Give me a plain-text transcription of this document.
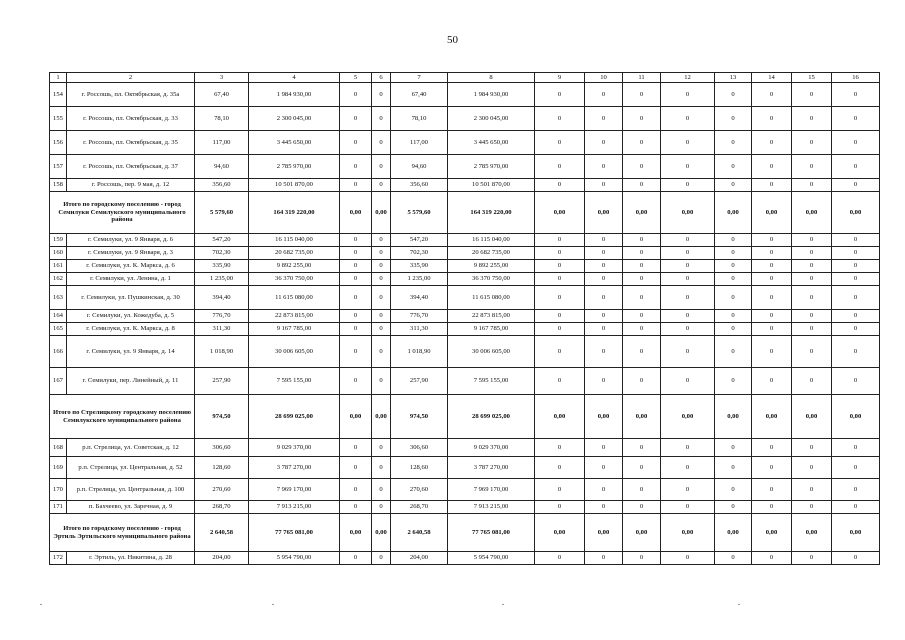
50
1	2	3	4	5	6	7	8	9	10	11	12	13	14	15	16
154	г. Россошь, пл. Октябрьская, д. 35а	67,40	1 984 930,00	0	0	67,40	1 984 930,00	0	0	0	0	0	0	0	0
155	г. Россошь, пл. Октябрьская, д. 33	78,10	2 300 045,00	0	0	78,10	2 300 045,00	0	0	0	0	0	0	0	0
156	г. Россошь, пл. Октябрьская, д. 35	117,00	3 445 650,00	0	0	117,00	3 445 650,00	0	0	0	0	0	0	0	0
157	г. Россошь, пл. Октябрьская, д. 37	94,60	2 785 970,00	0	0	94,60	2 785 970,00	0	0	0	0	0	0	0	0
158	г. Россошь, пер. 9 мая, д. 12	356,60	10 501 870,00	0	0	356,60	10 501 870,00	0	0	0	0	0	0	0	0
Итого по городскому поселению - город Семилуки Семилукского муниципального района		5 579,60	164 319 220,00	0,00	0,00	5 579,60	164 319 220,00	0,00	0,00	0,00	0,00	0,00	0,00	0,00	0,00
159	г. Семилуки, ул. 9 Января, д. 6	547,20	16 115 040,00	0	0	547,20	16 115 040,00	0	0	0	0	0	0	0	0
160	г. Семилуки, ул. 9 Января, д. 3	702,30	20 682 735,00	0	0	702,30	20 682 735,00	0	0	0	0	0	0	0	0
161	г. Семилуки, ул. К. Маркса, д. 6	335,90	9 892 255,00	0	0	335,90	9 892 255,00	0	0	0	0	0	0	0	0
162	г. Семилуки, ул. Ленина, д. 1	1 235,00	36 370 750,00	0	0	1 235,00	36 370 750,00	0	0	0	0	0	0	0	0
163	г. Семилуки, ул. Пушкинская, д. 30	394,40	11 615 080,00	0	0	394,40	11 615 080,00	0	0	0	0	0	0	0	0
164	г. Семилуки, ул. Кожедуба, д. 5	776,70	22 873 815,00	0	0	776,70	22 873 815,00	0	0	0	0	0	0	0	0
165	г. Семилуки, ул. К. Маркса, д. 8	311,30	9 167 785,00	0	0	311,30	9 167 785,00	0	0	0	0	0	0	0	0
166	г. Семилуки, ул. 9 Января, д. 14	1 018,90	30 006 605,00	0	0	1 018,90	30 006 605,00	0	0	0	0	0	0	0	0
167	г. Семилуки, пер. Линейный, д. 11	257,90	7 595 155,00	0	0	257,90	7 595 155,00	0	0	0	0	0	0	0	0
Итого по Стрелицкому городскому поселению Семилукского муниципального района		974,50	28 699 025,00	0,00	0,00	974,50	28 699 025,00	0,00	0,00	0,00	0,00	0,00	0,00	0,00	0,00
168	р.п. Стрелица, ул. Советская, д. 12	306,60	9 029 370,00	0	0	306,60	9 029 370,00	0	0	0	0	0	0	0	0
169	р.п. Стрелица, ул. Центральная, д. 52	128,60	3 787 270,00	0	0	128,60	3 787 270,00	0	0	0	0	0	0	0	0
170	р.п. Стрелица, ул. Центральная, д. 100	270,60	7 969 170,00	0	0	270,60	7 969 170,00	0	0	0	0	0	0	0	0
171	п. Бахчеево, ул. Заречная, д. 9	268,70	7 913 215,00	0	0	268,70	7 913 215,00	0	0	0	0	0	0	0	0
Итого по городскому поселению - город Эртиль Эртильского муниципального района		2 640,58	77 765 081,00	0,00	0,00	2 640,58	77 765 081,00	0,00	0,00	0,00	0,00	0,00	0,00	0,00	0,00
172	г. Эртиль, ул. Никитина, д. 28	204,00	5 954 790,00	0	0	204,00	5 954 790,00	0	0	0	0	0	0	0	0
